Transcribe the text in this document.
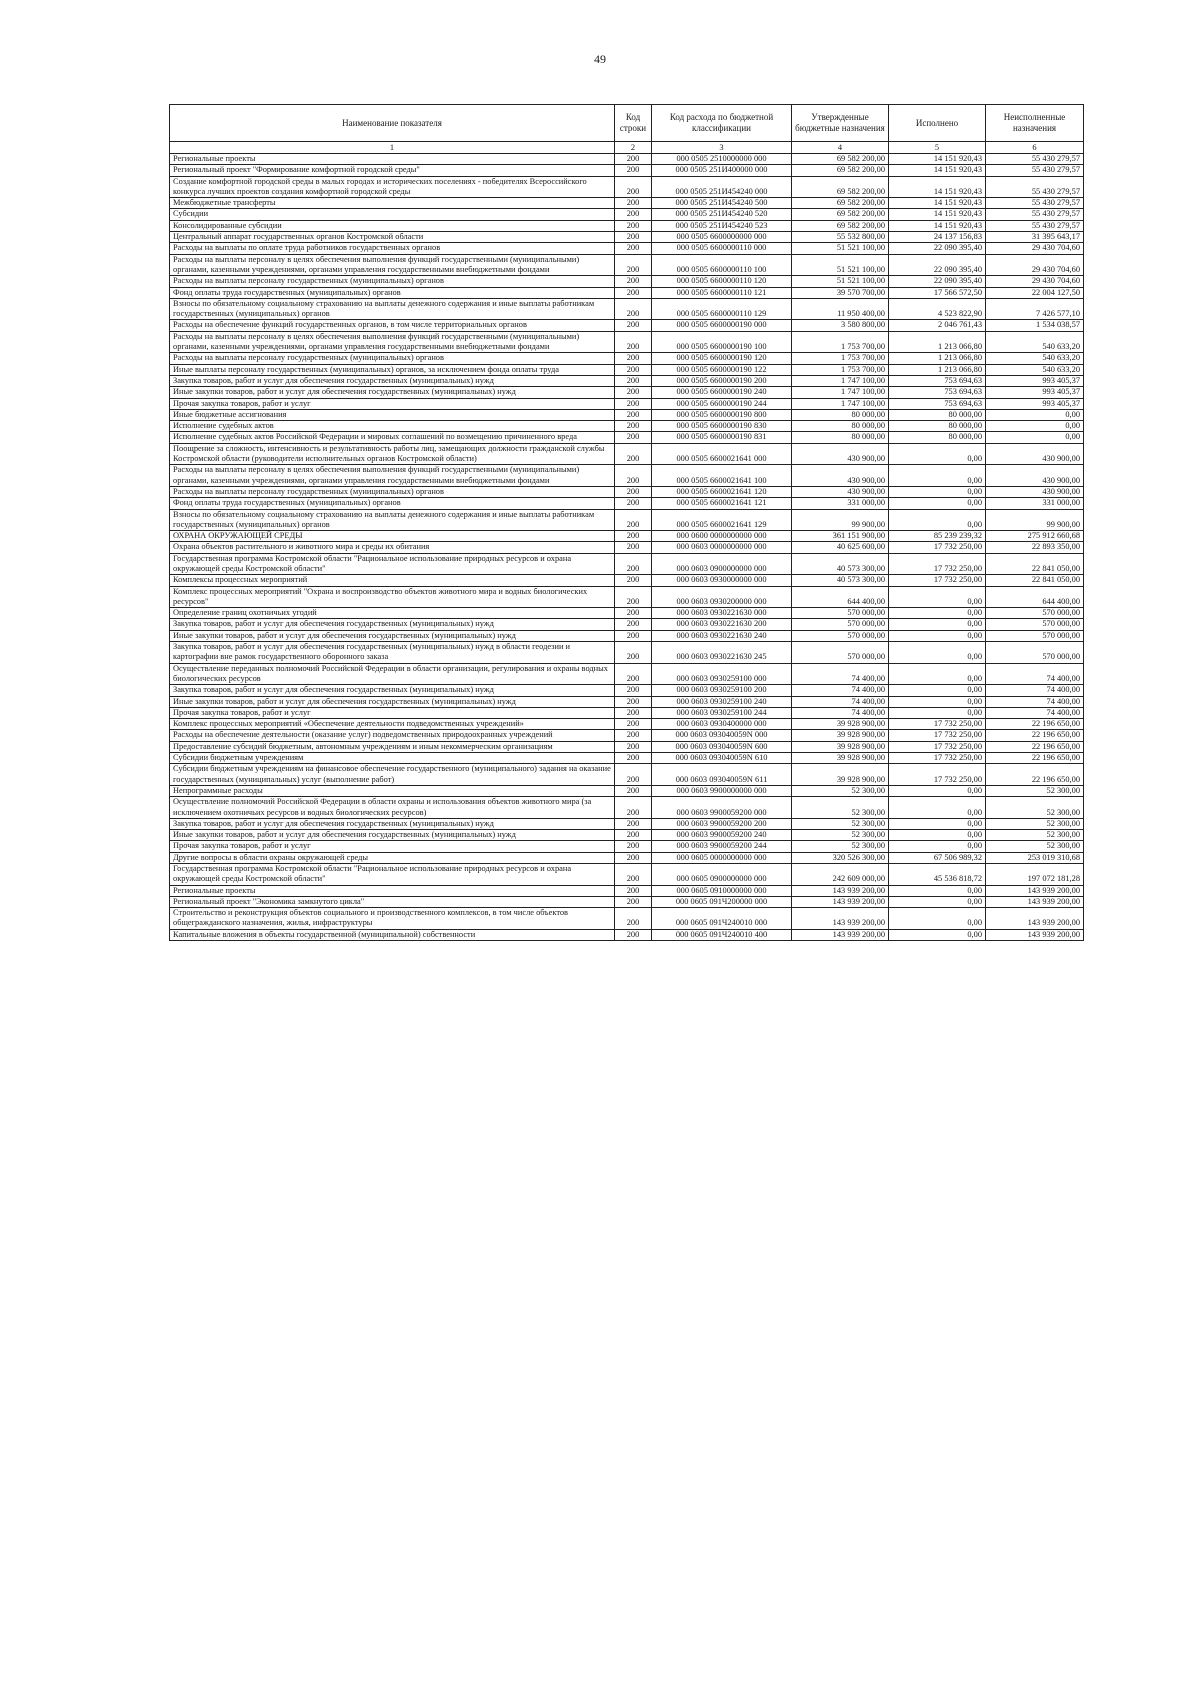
49
Наименование показателя	Код строки	Код расхода по бюджетной классификации	Утвержденные бюджетные назначения	Исполнено	Неисполненные назначения
1	2	3	4	5	6
Региональные проекты	200	000 0505 2510000000 000	69 582 200,00	14 151 920,43	55 430 279,57
Региональный проект "Формирование комфортной городской среды"	200	000 0505 251И400000 000	69 582 200,00	14 151 920,43	55 430 279,57
Создание комфортной городской среды в малых городах и исторических поселениях - победителях Всероссийского конкурса лучших проектов создания комфортной городской среды	200	000 0505 251И454240 000	69 582 200,00	14 151 920,43	55 430 279,57
Межбюджетные трансферты	200	000 0505 251И454240 500	69 582 200,00	14 151 920,43	55 430 279,57
Субсидии	200	000 0505 251И454240 520	69 582 200,00	14 151 920,43	55 430 279,57
Консолидированные субсидии	200	000 0505 251И454240 523	69 582 200,00	14 151 920,43	55 430 279,57
Центральный аппарат государственных органов Костромской области	200	000 0505 6600000000 000	55 532 800,00	24 137 156,83	31 395 643,17
Расходы на выплаты по оплате труда работников государственных органов	200	000 0505 6600000110 000	51 521 100,00	22 090 395,40	29 430 704,60
Расходы на выплаты персоналу в целях обеспечения выполнения функций государственными (муниципальными) органами, казенными учреждениями, органами управления государственными внебюджетными фондами	200	000 0505 6600000110 100	51 521 100,00	22 090 395,40	29 430 704,60
Расходы на выплаты персоналу государственных (муниципальных) органов	200	000 0505 6600000110 120	51 521 100,00	22 090 395,40	29 430 704,60
Фонд оплаты труда государственных (муниципальных) органов	200	000 0505 6600000110 121	39 570 700,00	17 566 572,50	22 004 127,50
Взносы по обязательному социальному страхованию на выплаты денежного содержания и иные выплаты работникам государственных (муниципальных) органов	200	000 0505 6600000110 129	11 950 400,00	4 523 822,90	7 426 577,10
Расходы на обеспечение функций государственных органов, в том числе территориальных органов	200	000 0505 6600000190 000	3 580 800,00	2 046 761,43	1 534 038,57
Расходы на выплаты персоналу в целях обеспечения выполнения функций государственными (муниципальными) органами, казенными учреждениями, органами управления государственными внебюджетными фондами	200	000 0505 6600000190 100	1 753 700,00	1 213 066,80	540 633,20
Расходы на выплаты персоналу государственных (муниципальных) органов	200	000 0505 6600000190 120	1 753 700,00	1 213 066,80	540 633,20
Иные выплаты персоналу государственных (муниципальных) органов, за исключением фонда оплаты труда	200	000 0505 6600000190 122	1 753 700,00	1 213 066,80	540 633,20
Закупка товаров, работ и услуг для обеспечения государственных (муниципальных) нужд	200	000 0505 6600000190 200	1 747 100,00	753 694,63	993 405,37
Иные закупки товаров, работ и услуг для обеспечения государственных (муниципальных) нужд	200	000 0505 6600000190 240	1 747 100,00	753 694,63	993 405,37
Прочая закупка товаров, работ и услуг	200	000 0505 6600000190 244	1 747 100,00	753 694,63	993 405,37
Иные бюджетные ассигнования	200	000 0505 6600000190 800	80 000,00	80 000,00	0,00
Исполнение судебных актов	200	000 0505 6600000190 830	80 000,00	80 000,00	0,00
Исполнение судебных актов Российской Федерации и мировых соглашений по возмещению причиненного вреда	200	000 0505 6600000190 831	80 000,00	80 000,00	0,00
Поощрение за сложность, интенсивность и результативность работы лиц, замещающих должности гражданской службы Костромской области (руководители исполнительных органов Костромской области)	200	000 0505 6600021641 000	430 900,00	0,00	430 900,00
Расходы на выплаты персоналу в целях обеспечения выполнения функций государственными (муниципальными) органами, казенными учреждениями, органами управления государственными внебюджетными фондами	200	000 0505 6600021641 100	430 900,00	0,00	430 900,00
Расходы на выплаты персоналу государственных (муниципальных) органов	200	000 0505 6600021641 120	430 900,00	0,00	430 900,00
Фонд оплаты труда государственных (муниципальных) органов	200	000 0505 6600021641 121	331 000,00	0,00	331 000,00
Взносы по обязательному социальному страхованию на выплаты денежного содержания и иные выплаты работникам государственных (муниципальных) органов	200	000 0505 6600021641 129	99 900,00	0,00	99 900,00
ОХРАНА ОКРУЖАЮЩЕЙ СРЕДЫ	200	000 0600 0000000000 000	361 151 900,00	85 239 239,32	275 912 660,68
Охрана объектов растительного и животного мира и среды их обитания	200	000 0603 0000000000 000	40 625 600,00	17 732 250,00	22 893 350,00
Государственная программа Костромской области "Рациональное использование природных ресурсов и охрана окружающей среды Костромской области"	200	000 0603 0900000000 000	40 573 300,00	17 732 250,00	22 841 050,00
Комплексы процессных мероприятий	200	000 0603 0930000000 000	40 573 300,00	17 732 250,00	22 841 050,00
Комплекс процессных мероприятий "Охрана и воспроизводство объектов животного мира и водных биологических ресурсов"	200	000 0603 0930200000 000	644 400,00	0,00	644 400,00
Определение границ охотничьих угодий	200	000 0603 0930221630 000	570 000,00	0,00	570 000,00
Закупка товаров, работ и услуг для обеспечения государственных (муниципальных) нужд	200	000 0603 0930221630 200	570 000,00	0,00	570 000,00
Иные закупки товаров, работ и услуг для обеспечения государственных (муниципальных) нужд	200	000 0603 0930221630 240	570 000,00	0,00	570 000,00
Закупка товаров, работ и услуг для обеспечения государственных (муниципальных) нужд в области геодезии и картографии вне рамок государственного оборонного заказа	200	000 0603 0930221630 245	570 000,00	0,00	570 000,00
Осуществление переданных полномочий Российской Федерации в области организации, регулирования и охраны водных биологических ресурсов	200	000 0603 0930259100 000	74 400,00	0,00	74 400,00
Закупка товаров, работ и услуг для обеспечения государственных (муниципальных) нужд	200	000 0603 0930259100 200	74 400,00	0,00	74 400,00
Иные закупки товаров, работ и услуг для обеспечения государственных (муниципальных) нужд	200	000 0603 0930259100 240	74 400,00	0,00	74 400,00
Прочая закупка товаров, работ и услуг	200	000 0603 0930259100 244	74 400,00	0,00	74 400,00
Комплекс процессных мероприятий «Обеспечение деятельности подведомственных учреждений»	200	000 0603 0930400000 000	39 928 900,00	17 732 250,00	22 196 650,00
Расходы на обеспечение деятельности (оказание услуг) подведомственных природоохранных учреждений	200	000 0603 093040059N 000	39 928 900,00	17 732 250,00	22 196 650,00
Предоставление субсидий бюджетным, автономным учреждениям и иным некоммерческим организациям	200	000 0603 093040059N 600	39 928 900,00	17 732 250,00	22 196 650,00
Субсидии бюджетным учреждениям	200	000 0603 093040059N 610	39 928 900,00	17 732 250,00	22 196 650,00
Субсидии бюджетным учреждениям на финансовое обеспечение государственного (муниципального) задания на оказание государственных (муниципальных) услуг (выполнение работ)	200	000 0603 093040059N 611	39 928 900,00	17 732 250,00	22 196 650,00
Непрограммные расходы	200	000 0603 9900000000 000	52 300,00	0,00	52 300,00
Осуществление полномочий Российской Федерации в области охраны и использования объектов животного мира (за исключением охотничьих ресурсов и водных биологических ресурсов)	200	000 0603 9900059200 000	52 300,00	0,00	52 300,00
Закупка товаров, работ и услуг для обеспечения государственных (муниципальных) нужд	200	000 0603 9900059200 200	52 300,00	0,00	52 300,00
Иные закупки товаров, работ и услуг для обеспечения государственных (муниципальных) нужд	200	000 0603 9900059200 240	52 300,00	0,00	52 300,00
Прочая закупка товаров, работ и услуг	200	000 0603 9900059200 244	52 300,00	0,00	52 300,00
Другие вопросы в области охраны окружающей среды	200	000 0605 0000000000 000	320 526 300,00	67 506 989,32	253 019 310,68
Государственная программа Костромской области "Рациональное использование природных ресурсов и охрана окружающей среды Костромской области"	200	000 0605 0900000000 000	242 609 000,00	45 536 818,72	197 072 181,28
Региональные проекты	200	000 0605 0910000000 000	143 939 200,00	0,00	143 939 200,00
Региональный проект "Экономика замкнутого цикла"	200	000 0605 091Ч200000 000	143 939 200,00	0,00	143 939 200,00
Строительство и реконструкция объектов социального и производственного комплексов, в том числе объектов общегражданского назначения, жилья, инфраструктуры	200	000 0605 091Ч240010 000	143 939 200,00	0,00	143 939 200,00
Капитальные вложения в объекты государственной (муниципальной) собственности	200	000 0605 091Ч240010 400	143 939 200,00	0,00	143 939 200,00
